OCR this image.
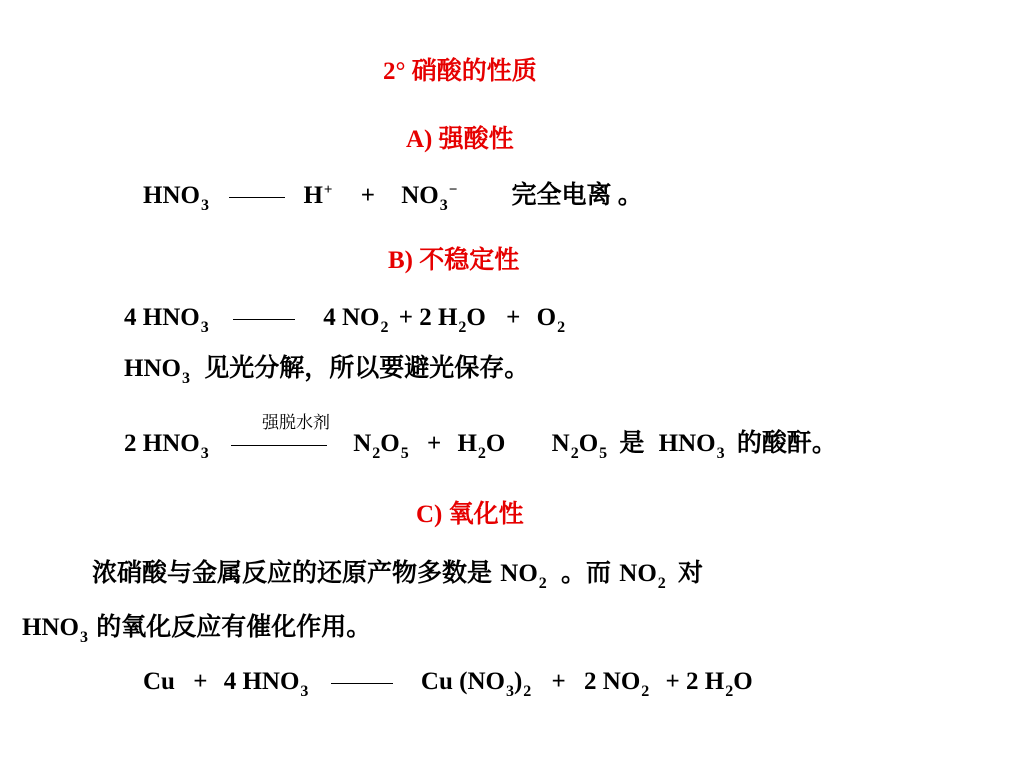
2° 硝酸的性质
A) 强酸性
$HNO_3$	$H^+ + NO_3^-$ 完全电离 。
B) 不稳定性
4 $HNO_3$	4 $NO_2 + 2$ $H_2O + O_2$
$HNO_3$ 见光分解，所以要避光保存。
强脱水剂
2 $HNO_3$	$N_2O_5 + H_2O$ $N_2O_5$ 是 $HNO_3$ 的酸酐。
C) 氧化性
浓硝酸与金属反应的还原产物多数是 $NO_2$ 。而 $NO_2$ 对
$HNO_3$ 的氧化反应有催化作用。
Cu + 4 $HNO_3$	Cu $(NO_3)_2 + 2$ $NO_2 + 2$ $H_2O$
